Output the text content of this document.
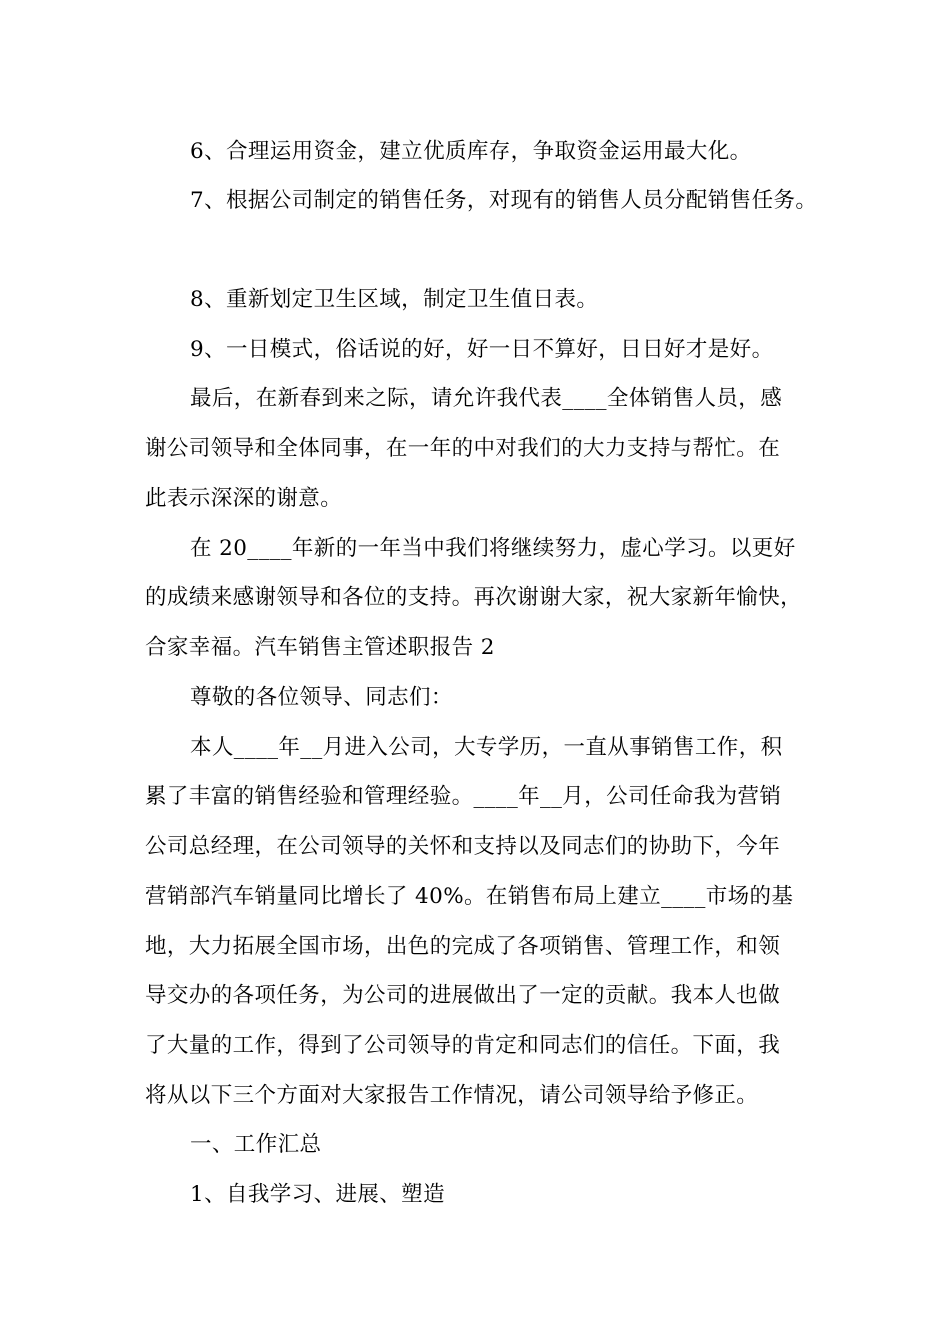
6、合理运用资金，建立优质库存，争取资金运用最大化。
7、根据公司制定的销售任务，对现有的销售人员分配销售任务。
8、重新划定卫生区域，制定卫生值日表。
9、一日模式，俗话说的好，好一日不算好，日日好才是好。
最后，在新春到来之际，请允许我代表____全体销售人员，感
谢公司领导和全体同事，在一年的中对我们的大力支持与帮忙。在
此表示深深的谢意。
在 20____年新的一年当中我们将继续努力，虚心学习。以更好
的成绩来感谢领导和各位的支持。再次谢谢大家，祝大家新年愉快，
合家幸福。汽车销售主管述职报告 2
尊敬的各位领导、同志们：
本人____年__月进入公司，大专学历，一直从事销售工作，积
累了丰富的销售经验和管理经验。____年__月，公司任命我为营销
公司总经理，在公司领导的关怀和支持以及同志们的协助下，今年
营销部汽车销量同比增长了 40%。在销售布局上建立____市场的基
地，大力拓展全国市场，出色的完成了各项销售、管理工作，和领
导交办的各项任务，为公司的进展做出了一定的贡献。我本人也做
了大量的工作，得到了公司领导的肯定和同志们的信任。下面，我
将从以下三个方面对大家报告工作情况，请公司领导给予修正。
一、工作汇总
1、自我学习、进展、塑造
